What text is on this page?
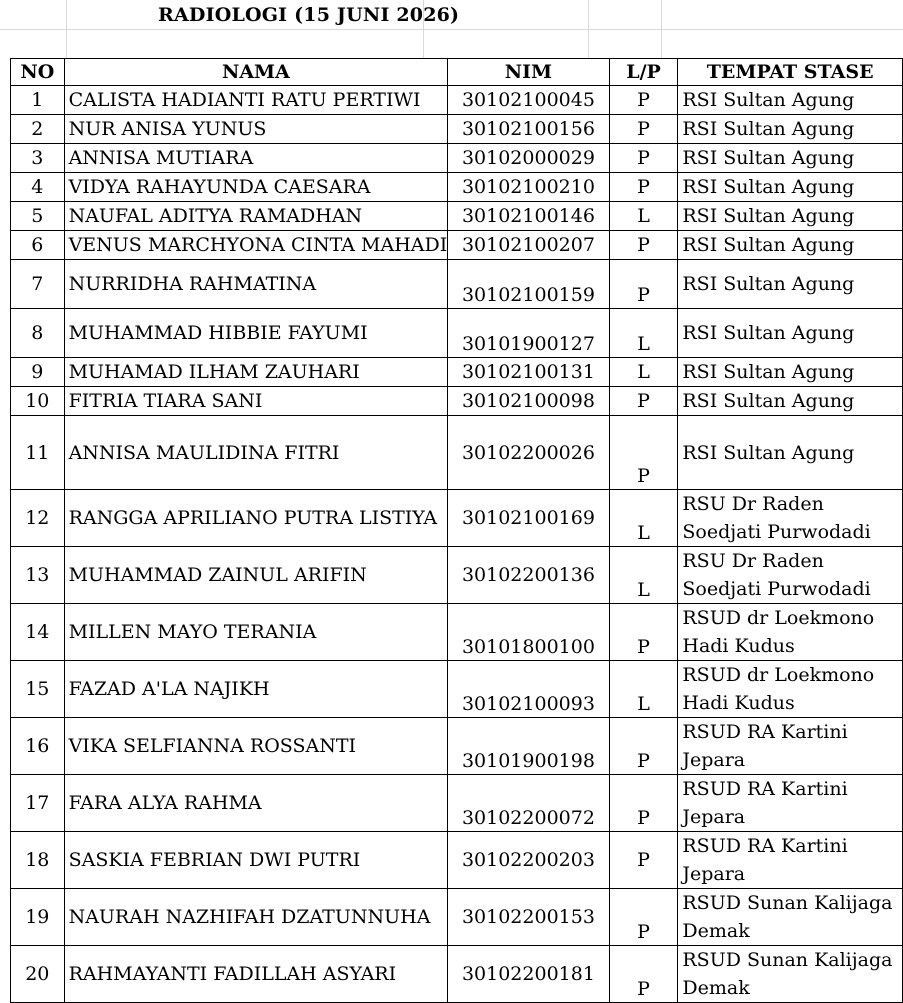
RADIOLOGI (15 JUNI 2026)
NO	NAMA	NIM	L/P	TEMPAT STASE
1	CALISTA HADIANTI RATU PERTIWI	30102100045	P	RSI Sultan Agung
2	NUR ANISA YUNUS	30102100156	P	RSI Sultan Agung
3	ANNISA MUTIARA	30102000029	P	RSI Sultan Agung
4	VIDYA RAHAYUNDA CAESARA	30102100210	P	RSI Sultan Agung
5	NAUFAL ADITYA RAMADHAN	30102100146	L	RSI Sultan Agung
6	VENUS MARCHYONA CINTA MAHADI	30102100207	P	RSI Sultan Agung
7	NURRIDHA RAHMATINA	30102100159	P	RSI Sultan Agung
8	MUHAMMAD HIBBIE FAYUMI	30101900127	L	RSI Sultan Agung
9	MUHAMAD ILHAM ZAUHARI	30102100131	L	RSI Sultan Agung
10	FITRIA TIARA SANI	30102100098	P	RSI Sultan Agung
11	ANNISA MAULIDINA FITRI	30102200026	P	RSI Sultan Agung
12	RANGGA APRILIANO PUTRA LISTIYA	30102100169	L	RSU Dr Raden Soedjati Purwodadi
13	MUHAMMAD ZAINUL ARIFIN	30102200136	L	RSU Dr Raden Soedjati Purwodadi
14	MILLEN MAYO TERANIA	30101800100	P	RSUD dr Loekmono Hadi Kudus
15	FAZAD A'LA NAJIKH	30102100093	L	RSUD dr Loekmono Hadi Kudus
16	VIKA SELFIANNA ROSSANTI	30101900198	P	RSUD RA Kartini Jepara
17	FARA ALYA RAHMA	30102200072	P	RSUD RA Kartini Jepara
18	SASKIA FEBRIAN DWI PUTRI	30102200203	P	RSUD RA Kartini Jepara
19	NAURAH NAZHIFAH DZATUNNUHA	30102200153	P	RSUD Sunan Kalijaga Demak
20	RAHMAYANTI FADILLAH ASYARI	30102200181	P	RSUD Sunan Kalijaga Demak
